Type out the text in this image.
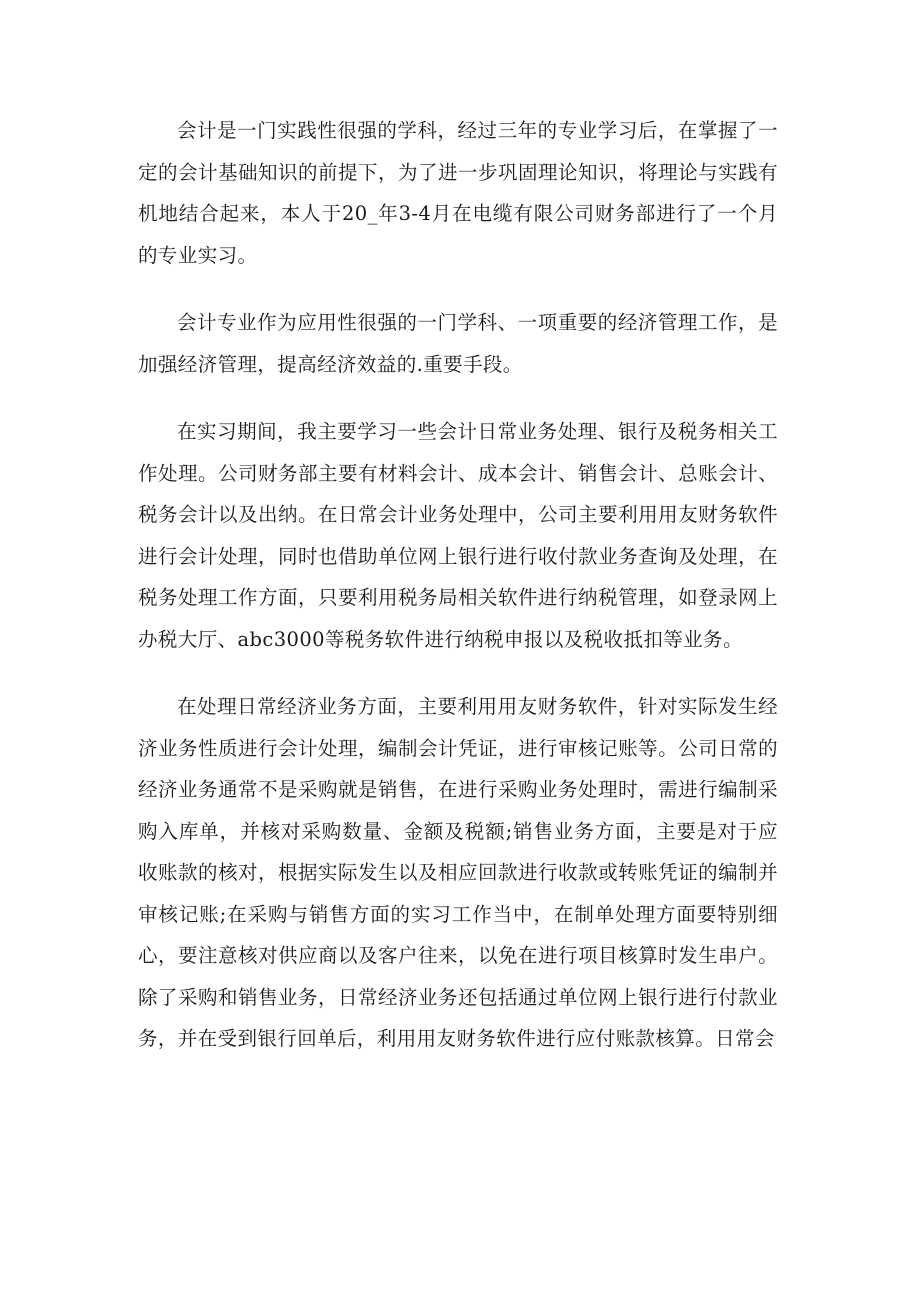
会计是一门实践性很强的学科，经过三年的专业学习后，在掌握了一定的会计基础知识的前提下，为了进一步巩固理论知识，将理论与实践有机地结合起来，本人于20_年3-4月在电缆有限公司财务部进行了一个月的专业实习。

会计专业作为应用性很强的一门学科、一项重要的经济管理工作，是加强经济管理，提高经济效益的.重要手段。

在实习期间，我主要学习一些会计日常业务处理、银行及税务相关工作处理。公司财务部主要有材料会计、成本会计、销售会计、总账会计、税务会计以及出纳。在日常会计业务处理中，公司主要利用用友财务软件进行会计处理，同时也借助单位网上银行进行收付款业务查询及处理，在税务处理工作方面，只要利用税务局相关软件进行纳税管理，如登录网上办税大厅、abc3000等税务软件进行纳税申报以及税收抵扣等业务。

在处理日常经济业务方面，主要利用用友财务软件，针对实际发生经济业务性质进行会计处理，编制会计凭证，进行审核记账等。公司日常的经济业务通常不是采购就是销售，在进行采购业务处理时，需进行编制采购入库单，并核对采购数量、金额及税额;销售业务方面，主要是对于应收账款的核对，根据实际发生以及相应回款进行收款或转账凭证的编制并审核记账;在采购与销售方面的实习工作当中，在制单处理方面要特别细心，要注意核对供应商以及客户往来，以免在进行项目核算时发生串户。除了采购和销售业务，日常经济业务还包括通过单位网上银行进行付款业务，并在受到银行回单后，利用用友财务软件进行应付账款核算。日常会
